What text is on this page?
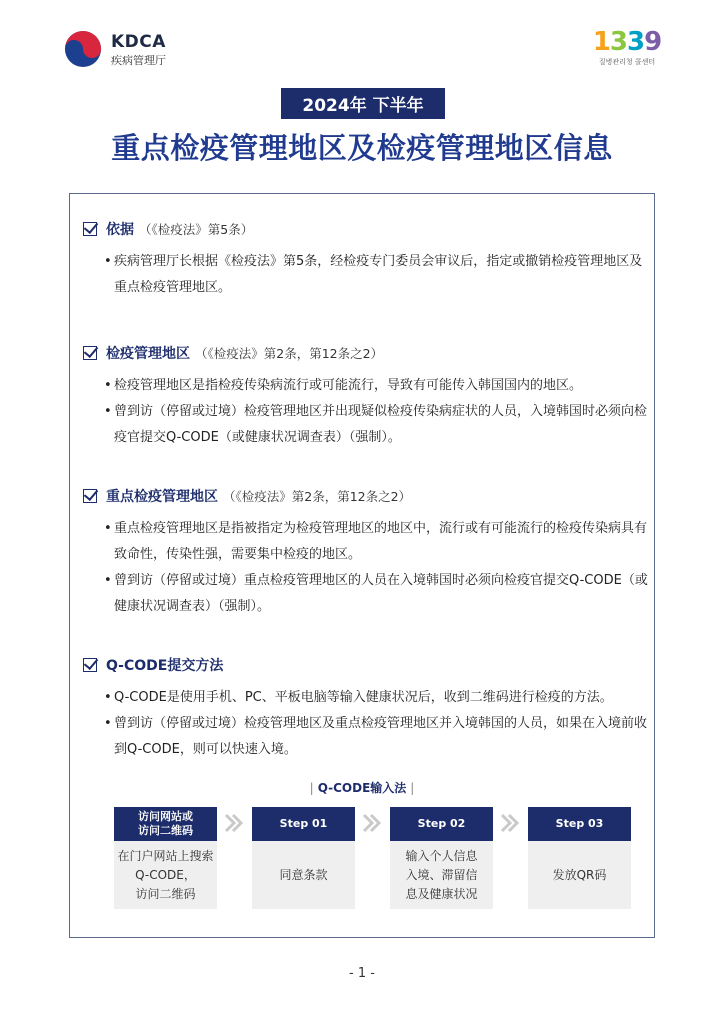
KDCA
疾病管理厅
1339
질병관리청 콜센터
2024年 下半年
重点检疫管理地区及检疫管理地区信息
依据 （《检疫法》第5条）
• 疾病管理厅长根据《检疫法》第5条，经检疫专门委员会审议后，指定或撤销检疫管理地区及重点检疫管理地区。
检疫管理地区 （《检疫法》第2条，第12条之2）
• 检疫管理地区是指检疫传染病流行或可能流行，导致有可能传入韩国国内的地区。
• 曾到访（停留或过境）检疫管理地区并出现疑似检疫传染病症状的人员，入境韩国时必须向检疫官提交Q-CODE（或健康状况调查表）（强制）。
重点检疫管理地区 （《检疫法》第2条，第12条之2）
• 重点检疫管理地区是指被指定为检疫管理地区的地区中，流行或有可能流行的检疫传染病具有致命性，传染性强，需要集中检疫的地区。
• 曾到访（停留或过境）重点检疫管理地区的人员在入境韩国时必须向检疫官提交Q-CODE（或健康状况调查表）（强制）。
Q-CODE提交方法
• Q-CODE是使用手机、PC、平板电脑等输入健康状况后，收到二维码进行检疫的方法。
• 曾到访（停留或过境）检疫管理地区及重点检疫管理地区并入境韩国的人员，如果在入境前收到Q-CODE，则可以快速入境。
| Q-CODE输入法 |
访问网站或
访问二维码
在门户网站上搜索
Q-CODE，
访问二维码
Step 01
同意条款
Step 02
输入个人信息
入境、滞留信
息及健康状况
Step 03
发放QR码
- 1 -
